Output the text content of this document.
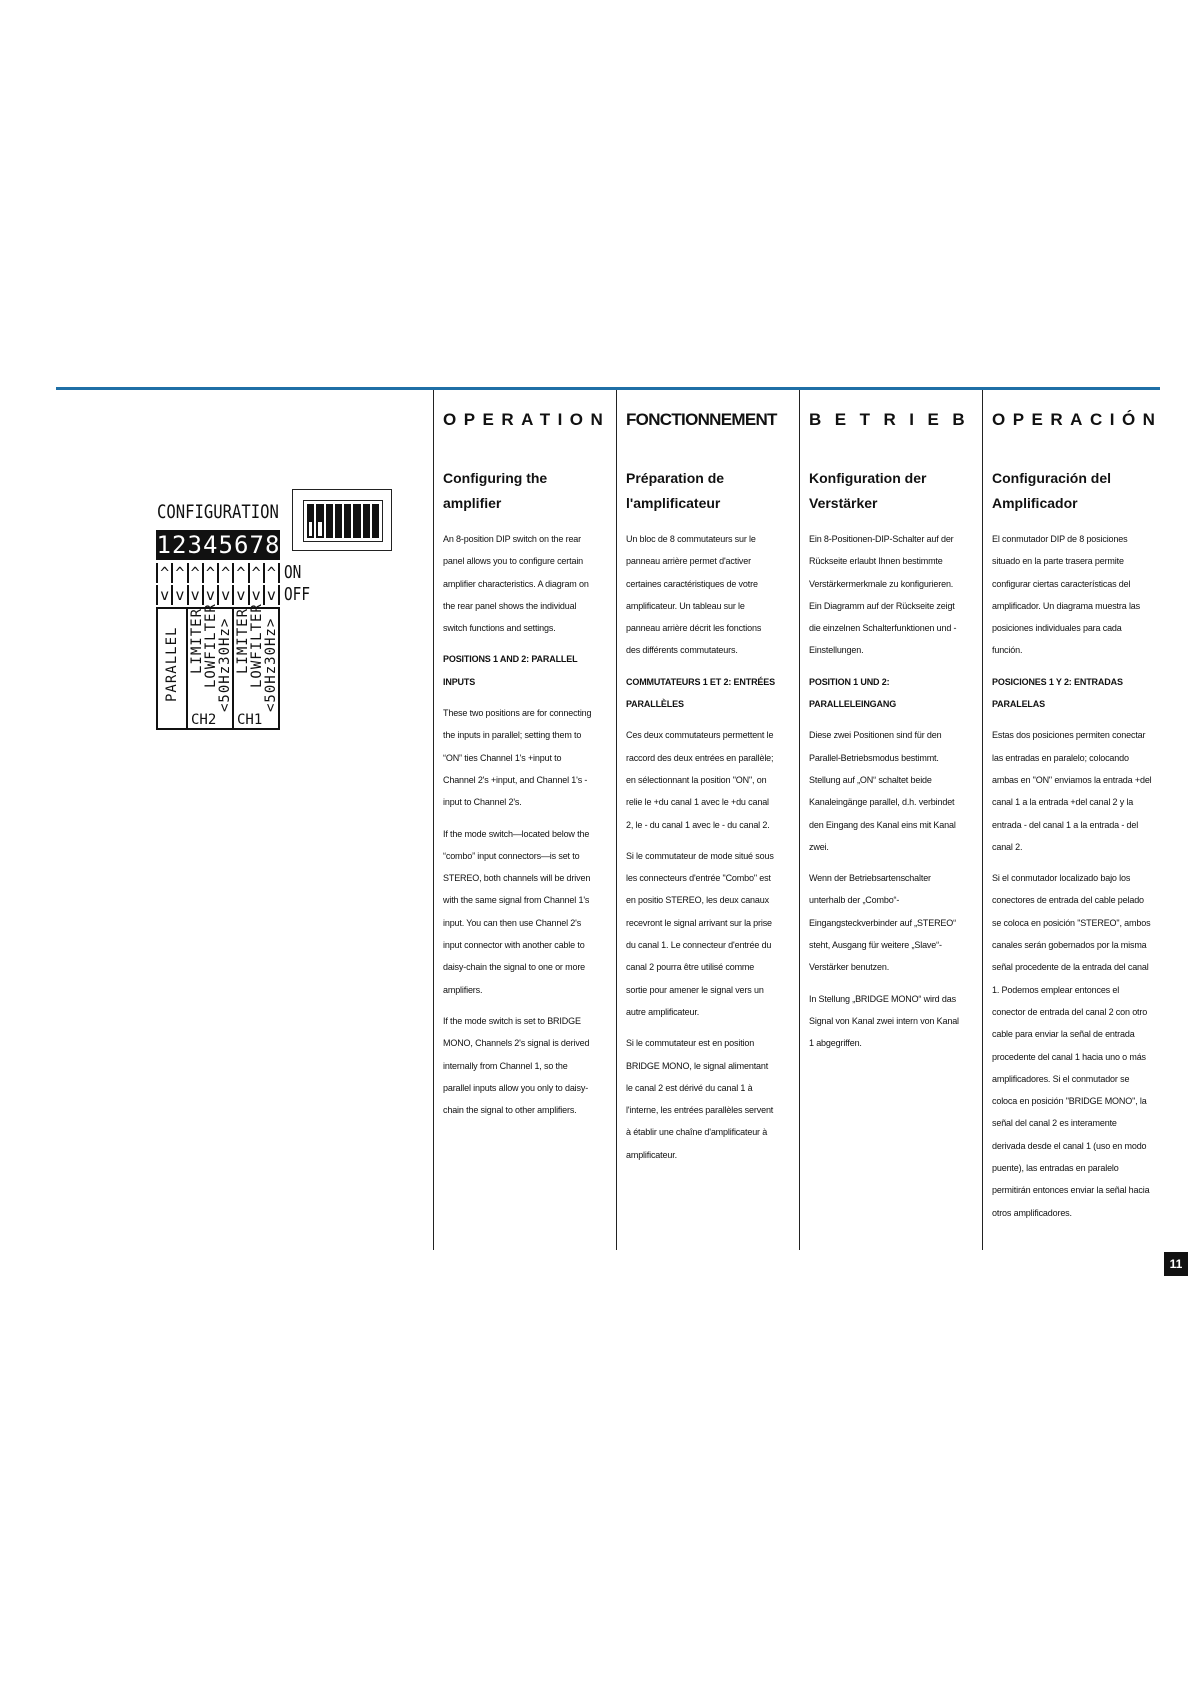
CONFIGURATION
1 2 3 4 5 6 7 8
^ ^ ^ ^ ^ ^ ^ ^
v v v v v v v v
ON
OFF
PARALLEL LIMITER
LOWFILTER
<50Hz30Hz>
CH2
LIMITER
LOWFILTER
<50Hz30Hz>
CH1
OPERATION
Configuring the amplifier

An 8-position DIP switch on the rear panel allows you to configure certain amplifier characteristics. A diagram on the rear panel shows the individual switch functions and settings.

POSITIONS 1 AND 2: PARALLEL INPUTS

These two positions are for connecting the inputs in parallel; setting them to “ON” ties Channel 1's +input to Channel 2's +input, and Channel 1's - input to Channel 2's.

If the mode switch—located below the “combo” input connectors—is set to STEREO, both channels will be driven with the same signal from Channel 1's input. You can then use Channel 2's input connector with another cable to daisy-chain the signal to one or more amplifiers.

If the mode switch is set to BRIDGE MONO, Channels 2's signal is derived internally from Channel 1, so the parallel inputs allow you only to daisy-chain the signal to other amplifiers.

FONCTIONNEMENT
Préparation de l'amplificateur

Un bloc de 8 commutateurs sur le panneau arrière permet d'activer certaines caractéristiques de votre amplificateur. Un tableau sur le panneau arrière décrit les fonctions des différents commutateurs.

COMMUTATEURS 1 ET 2: ENTRÉES PARALLÈLES

Ces deux commutateurs permettent le raccord des deux entrées en parallèle; en sélectionnant la position "ON", on relie le +du canal 1 avec le +du canal 2, le - du canal 1 avec le - du canal 2.

Si le commutateur de mode situé sous les connecteurs d'entrée "Combo" est en positio STEREO, les deux canaux recevront le signal arrivant sur la prise du canal 1. Le connecteur d'entrée du canal 2 pourra être utilisé comme sortie pour amener le signal vers un autre amplificateur.

Si le commutateur est en position BRIDGE MONO, le signal alimentant le canal 2 est dérivé du canal 1 à l'interne, les entrées parallèles servent à établir une chaîne d'amplificateur à amplificateur.

BETRIEB
Konfiguration der Verstärker

Ein 8-Positionen-DIP-Schalter auf der Rückseite erlaubt Ihnen bestimmte Verstärkermerkmale zu konfigurieren. Ein Diagramm auf der Rückseite zeigt die einzelnen Schalterfunktionen und -Einstellungen.

POSITION 1 UND 2: PARALLELEINGANG

Diese zwei Positionen sind für den Parallel-Betriebsmodus bestimmt. Stellung auf „ON“ schaltet beide Kanaleingänge parallel, d.h. verbindet den Eingang des Kanal eins mit Kanal zwei.

Wenn der Betriebsartenschalter unterhalb der „Combo“-Eingangsteckverbinder auf „STEREO“ steht, Ausgang für weitere „Slave“-Verstärker benutzen.

In Stellung „BRIDGE MONO“ wird das Signal von Kanal zwei intern von Kanal 1 abgegriffen.

OPERACIÓN
Configuración del Amplificador

El conmutador DIP de 8 posiciones situado en la parte trasera permite configurar ciertas características del amplificador. Un diagrama muestra las posiciones individuales para cada función.

POSICIONES 1 Y 2: ENTRADAS PARALELAS

Estas dos posiciones permiten conectar las entradas en paralelo; colocando ambas en "ON" enviamos la entrada +del canal 1 a la entrada +del canal 2 y la entrada - del canal 1 a la entrada - del canal 2.

Si el conmutador localizado bajo los conectores de entrada del cable pelado se coloca en posición "STEREO", ambos canales serán gobernados por la misma señal procedente de la entrada del canal 1. Podemos emplear entonces el conector de entrada del canal 2 con otro cable para enviar la señal de entrada procedente del canal 1 hacia uno o más amplificadores. Si el conmutador se coloca en posición "BRIDGE MONO", la señal del canal 2 es interamente derivada desde el canal 1 (uso en modo puente), las entradas en paralelo permitirán entonces enviar la señal hacia otros amplificadores.

11
